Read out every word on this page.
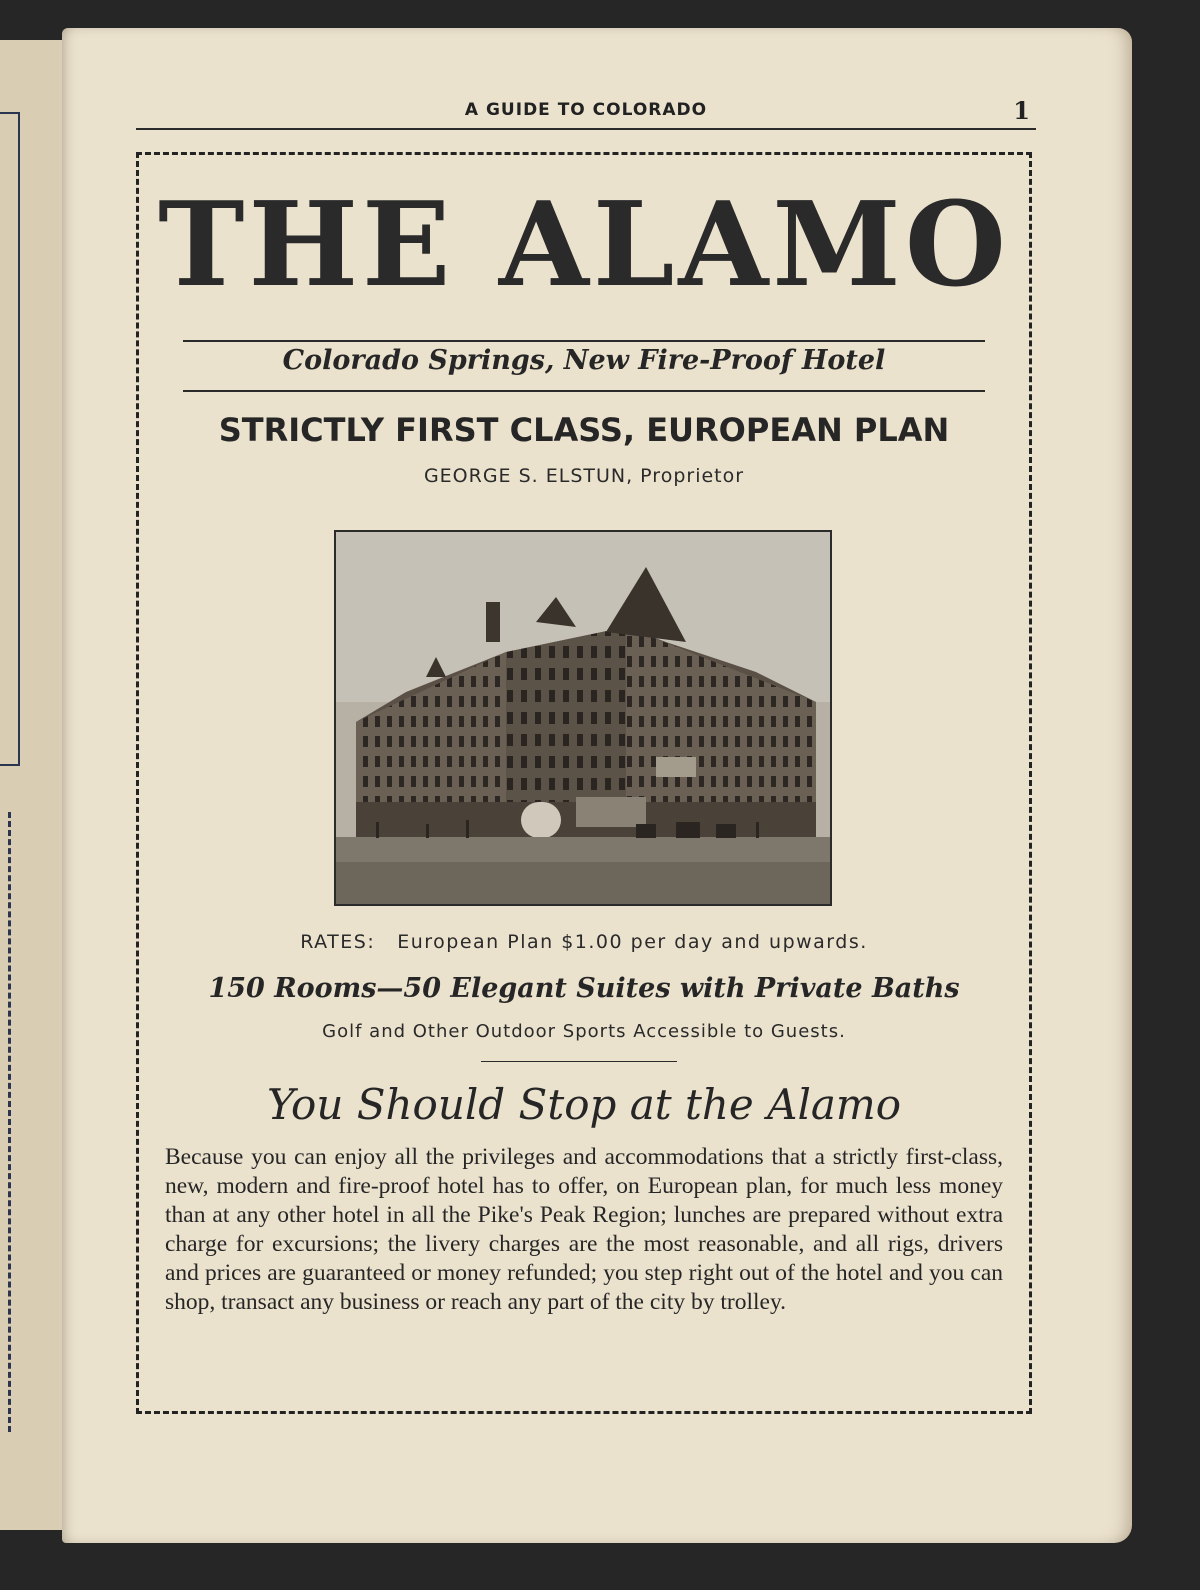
A GUIDE TO COLORADO	1
THE ALAMO
Colorado Springs, New Fire-Proof Hotel
STRICTLY FIRST CLASS, EUROPEAN PLAN
GEORGE S. ELSTUN, Proprietor
RATES: European Plan $1.00 per day and upwards.
150 Rooms—50 Elegant Suites with Private Baths
Golf and Other Outdoor Sports Accessible to Guests.
You Should Stop at the Alamo

Because you can enjoy all the privileges and accommodations that a strictly first-class, new, modern and fire-proof hotel has to offer, on European plan, for much less money than at any other hotel in all the Pike's Peak Region; lunches are prepared without extra charge for excursions; the livery charges are the most reasonable, and all rigs, drivers and prices are guaranteed or money refunded; you step right out of the hotel and you can shop, transact any business or reach any part of the city by trolley.
